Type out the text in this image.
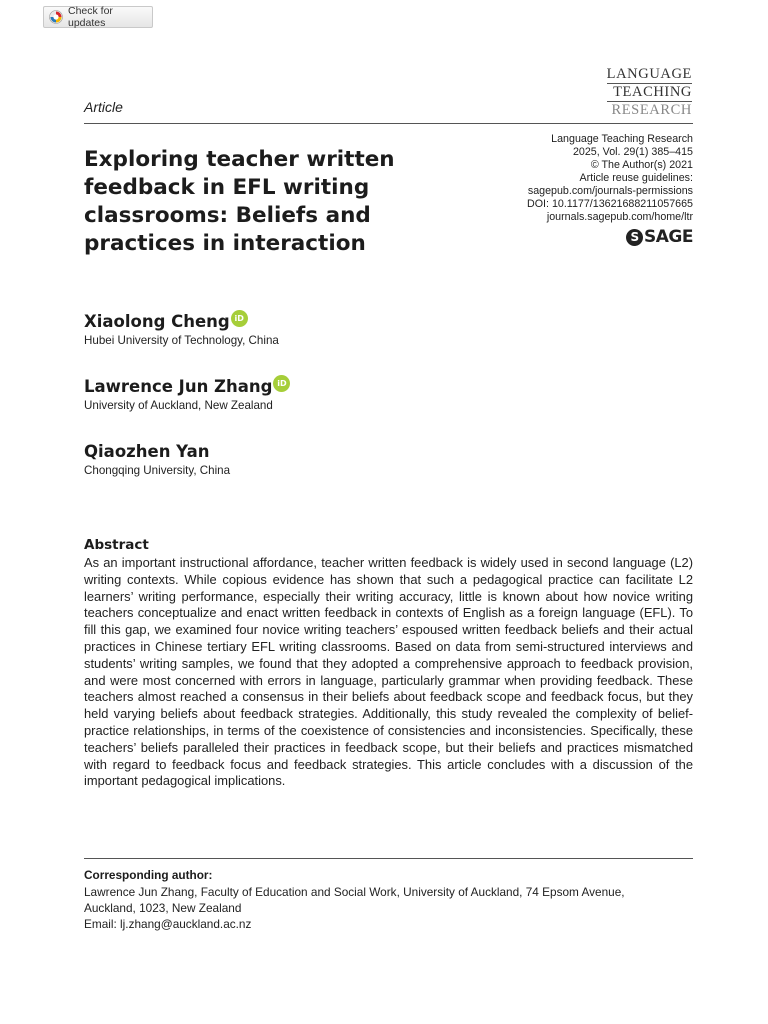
Check for updates
LANGUAGE
TEACHING
RESEARCH
Article
Exploring teacher written feedback in EFL writing classrooms: Beliefs and practices in interaction
Language Teaching Research
2025, Vol. 29(1) 385–415
© The Author(s) 2021
Article reuse guidelines:
sagepub.com/journals-permissions
DOI: 10.1177/13621688211057665
journals.sagepub.com/home/ltr
S SAGE
Xiaolong Cheng iD
Hubei University of Technology, China
Lawrence Jun Zhang iD
University of Auckland, New Zealand
Qiaozhen Yan
Chongqing University, China
Abstract
As an important instructional affordance, teacher written feedback is widely used in second language (L2) writing contexts. While copious evidence has shown that such a pedagogical practice can facilitate L2 learners’ writing performance, especially their writing accuracy, little is known about how novice writing teachers conceptualize and enact written feedback in contexts of English as a foreign language (EFL). To fill this gap, we examined four novice writing teachers’ espoused written feedback beliefs and their actual practices in Chinese tertiary EFL writing classrooms. Based on data from semi-structured interviews and students’ writing samples, we found that they adopted a comprehensive approach to feedback provision, and were most concerned with errors in language, particularly grammar when providing feedback. These teachers almost reached a consensus in their beliefs about feedback scope and feedback focus, but they held varying beliefs about feedback strategies. Additionally, this study revealed the complexity of belief-practice relationships, in terms of the coexistence of consistencies and inconsistencies. Specifically, these teachers’ beliefs paralleled their practices in feedback scope, but their beliefs and practices mismatched with regard to feedback focus and feedback strategies. This article concludes with a discussion of the important pedagogical implications.
Corresponding author:
Lawrence Jun Zhang, Faculty of Education and Social Work, University of Auckland, 74 Epsom Avenue,
Auckland, 1023, New Zealand
Email: lj.zhang@auckland.ac.nz
